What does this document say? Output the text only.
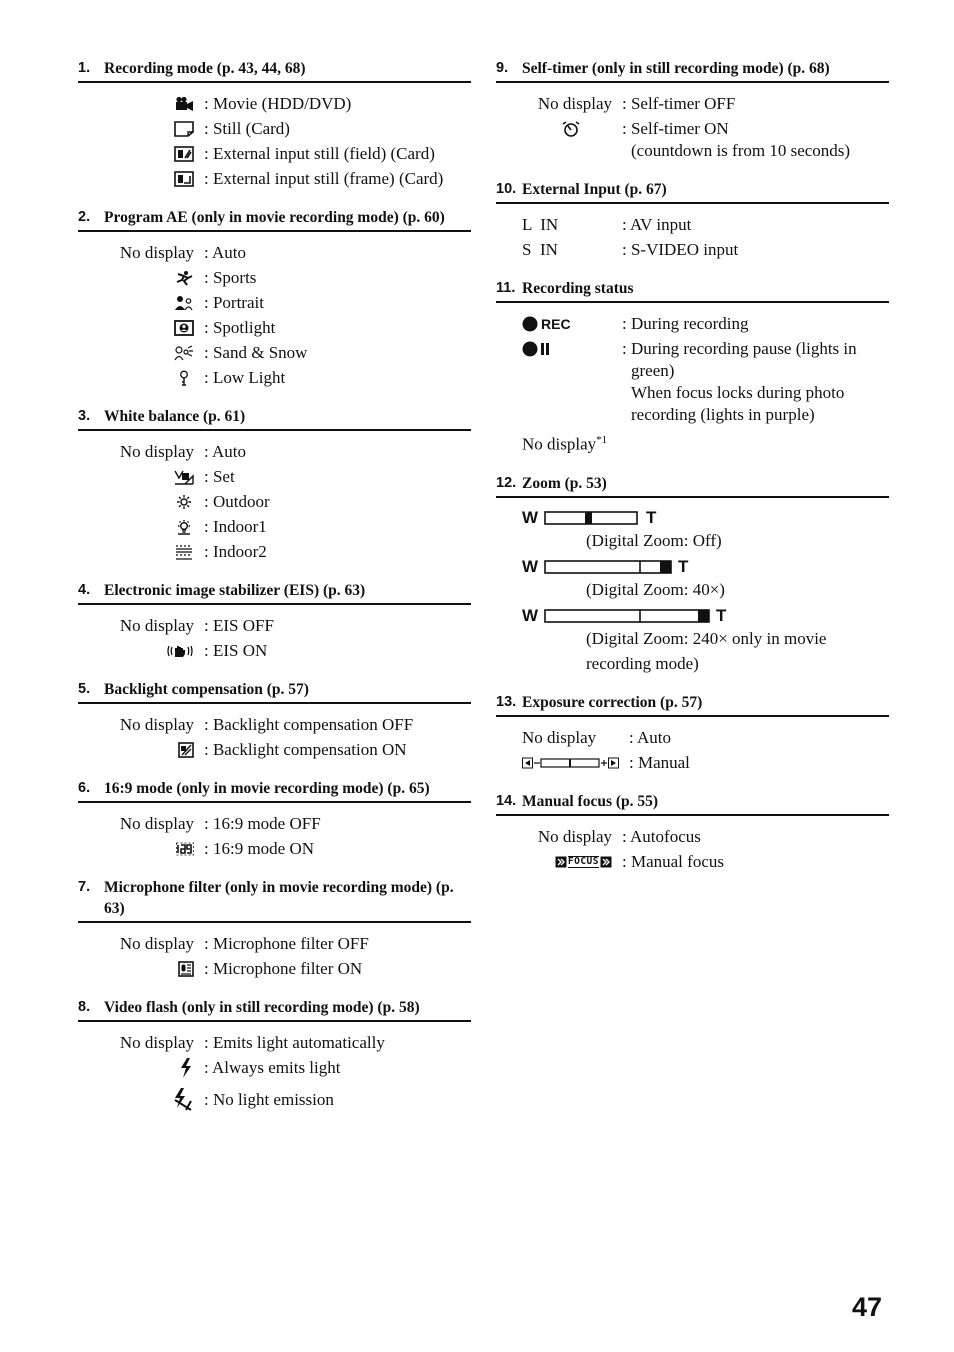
1. Recording mode (p. 43, 44, 68)
: Movie (HDD/DVD)
: Still (Card)
: External input still (field) (Card)
: External input still (frame) (Card)
2. Program AE (only in movie recording mode) (p. 60)
No display : Auto
: Sports
: Portrait
: Spotlight
: Sand & Snow
: Low Light
3. White balance (p. 61)
No display : Auto
: Set
: Outdoor
: Indoor1
: Indoor2
4. Electronic image stabilizer (EIS) (p. 63)
No display : EIS OFF
: EIS ON
5. Backlight compensation (p. 57)
No display : Backlight compensation OFF
: Backlight compensation ON
6. 16:9 mode (only in movie recording mode) (p. 65)
No display : 16:9 mode OFF
: 16:9 mode ON
7. Microphone filter (only in movie recording mode) (p. 63)
No display : Microphone filter OFF
: Microphone filter ON
8. Video flash (only in still recording mode) (p. 58)
No display : Emits light automatically
: Always emits light
: No light emission
9. Self-timer (only in still recording mode) (p. 68)
No display : Self-timer OFF
: Self-timer ON
(countdown is from 10 seconds)
10. External Input (p. 67)
L  IN	: AV input
S  IN	: S-VIDEO input
11. Recording status
REC	: During recording
: During recording pause (lights in
green)
When focus locks during photo
recording (lights in purple)
No display$^{*1}$
12. Zoom (p. 53)
W	T
(Digital Zoom: Off)
W	T
(Digital Zoom: 40×)
W	T
(Digital Zoom: 240× only in movie
recording mode)
13. Exposure correction (p. 57)
No display	: Auto
: Manual
14. Manual focus (p. 55)
No display : Autofocus
FOCUS : Manual focus
47
